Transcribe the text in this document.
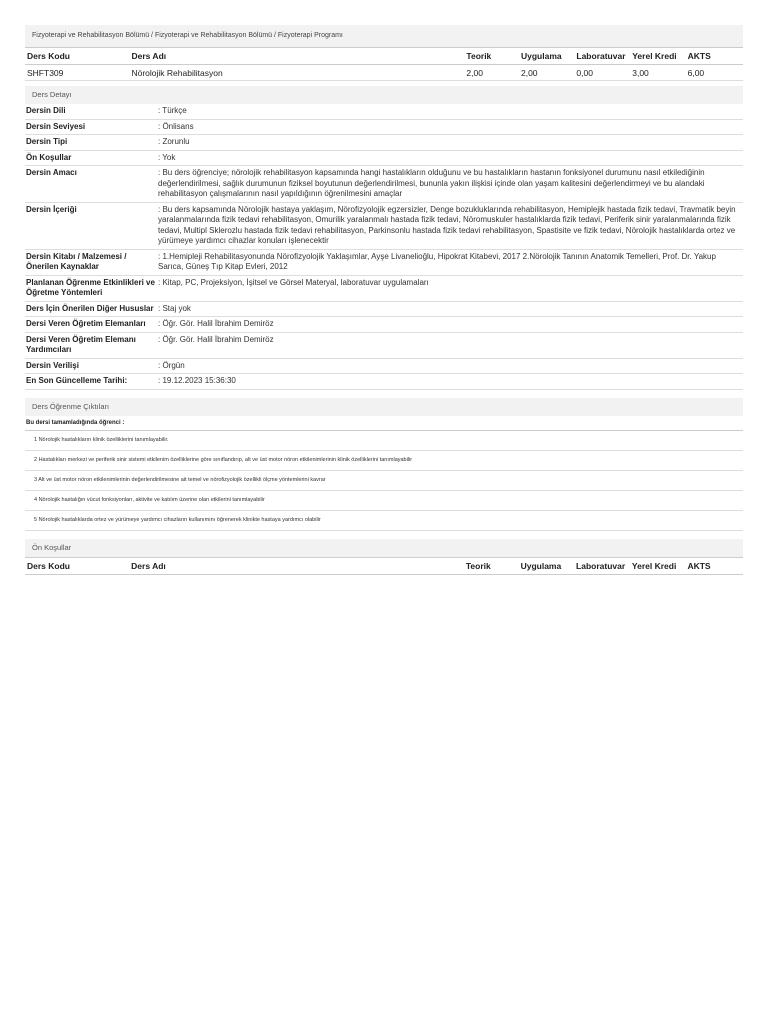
Fizyoterapi ve Rehabilitasyon Bölümü / Fizyoterapi ve Rehabilitasyon Bölümü / Fizyoterapi Programı
Ders Kodu	Ders Adı	Teorik	Uygulama	Laboratuvar	Yerel Kredi	AKTS
SHFT309	Nörolojik Rehabilitasyon	2,00	2,00	0,00	3,00	6,00
Ders Detayı
Dersin Dili	: Türkçe
Dersin Seviyesi	: Önlisans
Dersin Tipi	: Zorunlu
Ön Koşullar	: Yok
Dersin Amacı	: Bu ders öğrenciye; nörolojik rehabilitasyon kapsamında hangi hastalıkların olduğunu ve bu hastalıkların hastanın fonksiyonel durumunu nasıl etkilediğinin değerlendirilmesi, sağlık durumunun fiziksel boyutunun değerlendirilmesi, bununla yakın ilişkisi içinde olan yaşam kalitesini değerlendirmeyi ve bu alandaki rehabilitasyon çalışmalarının nasıl yapıldığının öğrenilmesini amaçlar
Dersin İçeriği	: Bu ders kapsamında Nörolojik hastaya yaklaşım, Nörofizyolojik egzersizler, Denge bozukluklarında rehabilitasyon, Hemiplejik hastada fizik tedavi, Travmatik beyin yaralanmalarında fizik tedavi rehabilitasyon, Omurilik yaralanmalı hastada fizik tedavi, Nöromuskuler hastalıklarda fizik tedavi, Periferik sinir yaralanmalarında fizik tedavi, Multipl Sklerozlu hastada fizik tedavi rehabilitasyon, Parkinsonlu hastada fizik tedavi rehabilitasyon, Spastisite ve fizik tedavi, Nörolojik hastalıklarda ortez ve yürümeye yardımcı cihazlar konuları işlenecektir
Dersin Kitabı / Malzemesi / Önerilen Kaynaklar	: 1.Hemipleji Rehabilitasyonunda Nörofizyolojik Yaklaşımlar, Ayşe Livanelioğlu, Hipokrat Kitabevi, 2017 2.Nörolojik Tanının Anatomik Temelleri, Prof. Dr. Yakup Sarıca, Güneş Tıp Kitap Evleri, 2012
Planlanan Öğrenme Etkinlikleri ve Öğretme Yöntemleri	: Kitap, PC, Projeksiyon, İşitsel ve Görsel Materyal, laboratuvar uygulamaları
Ders İçin Önerilen Diğer Hususlar	: Staj yok
Dersi Veren Öğretim Elemanları	: Öğr. Gör. Halil İbrahim Demiröz
Dersi Veren Öğretim Elemanı Yardımcıları	: Öğr. Gör. Halil İbrahim Demiröz
Dersin Verilişi	: Örgün
En Son Güncelleme Tarihi:	: 19.12.2023 15:36:30
Ders Öğrenme Çıktıları
Bu dersi tamamladığında öğrenci :
1 Nörolojik hastalıkların klinik özelliklerini tanımlayabilir.
2 Hastalıkları merkezi ve periferik sinir sistemi etkilenim özelliklerine göre sınıflandırıp, alt ve üst motor nöron etkilenimlerinin klinik özelliklerini tanımlayabilir
3 Alt ve üst motor nöron etkilenimlerinin değerlendirilmesine ait temel ve nörofizyolojik özellikli ölçme yöntemlerini kavrar
4 Nörolojik hastalığın vücut fonksiyonları, aktivite ve katılım üzerine olan etkilerini tanımlayabilir
5 Nörolojik hastalıklarda ortez ve yürümeye yardımcı cihazların kullanımını öğrenerek klinikte hastaya yardımcı olabilir
Ön Koşullar
Ders Kodu	Ders Adı	Teorik	Uygulama	Laboratuvar	Yerel Kredi	AKTS
